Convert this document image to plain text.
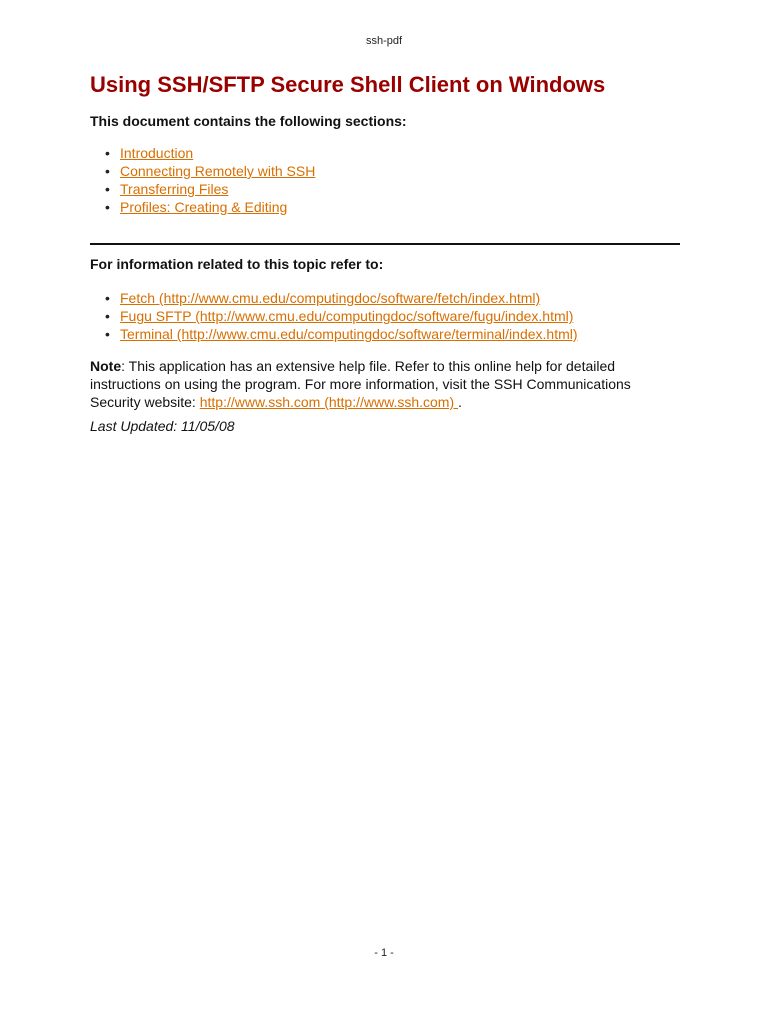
ssh-pdf
Using SSH/SFTP Secure Shell Client on Windows

This document contains the following sections:

• Introduction
• Connecting Remotely with SSH
• Transferring Files
• Profiles: Creating & Editing

For information related to this topic refer to:

• Fetch (http://www.cmu.edu/computingdoc/software/fetch/index.html)
• Fugu SFTP (http://www.cmu.edu/computingdoc/software/fugu/index.html)
• Terminal (http://www.cmu.edu/computingdoc/software/terminal/index.html)

Note: This application has an extensive help file. Refer to this online help for detailed instructions on using the program. For more information, visit the SSH Communications Security website: http://www.ssh.com (http://www.ssh.com) .

Last Updated: 11/05/08

- 1 -
